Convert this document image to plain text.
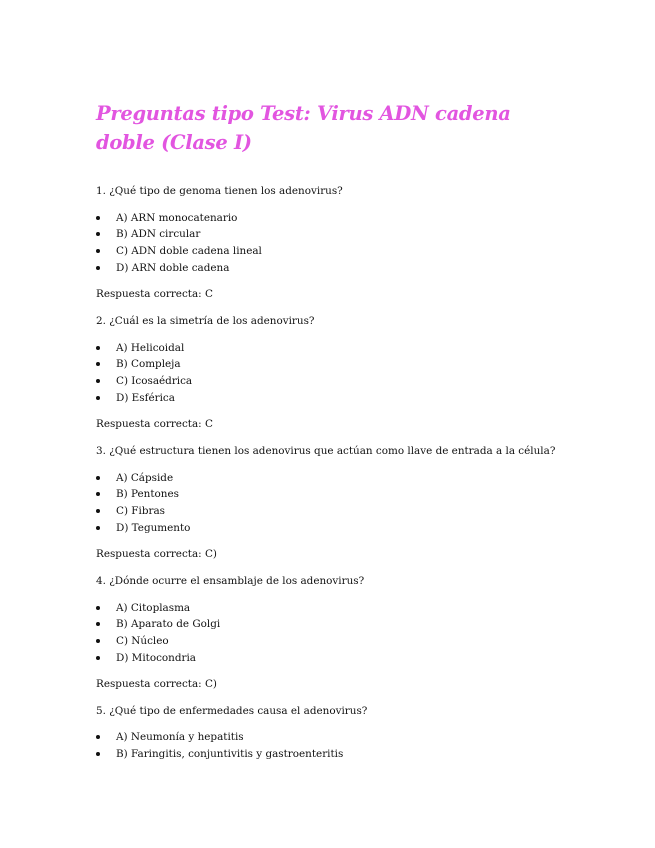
Preguntas tipo Test: Virus ADN cadena doble (Clase I)

1. ¿Qué tipo de genoma tienen los adenovirus?

A) ARN monocatenario
B) ADN circular
C) ADN doble cadena lineal
D) ARN doble cadena

Respuesta correcta: C

2. ¿Cuál es la simetría de los adenovirus?

A) Helicoidal
B) Compleja
C) Icosaédrica
D) Esférica

Respuesta correcta: C

3. ¿Qué estructura tienen los adenovirus que actúan como llave de entrada a la célula?

A) Cápside
B) Pentones
C) Fibras
D) Tegumento

Respuesta correcta: C)

4. ¿Dónde ocurre el ensamblaje de los adenovirus?

A) Citoplasma
B) Aparato de Golgi
C) Núcleo
D) Mitocondria

Respuesta correcta: C)

5. ¿Qué tipo de enfermedades causa el adenovirus?

A) Neumonía y hepatitis
B) Faringitis, conjuntivitis y gastroenteritis
